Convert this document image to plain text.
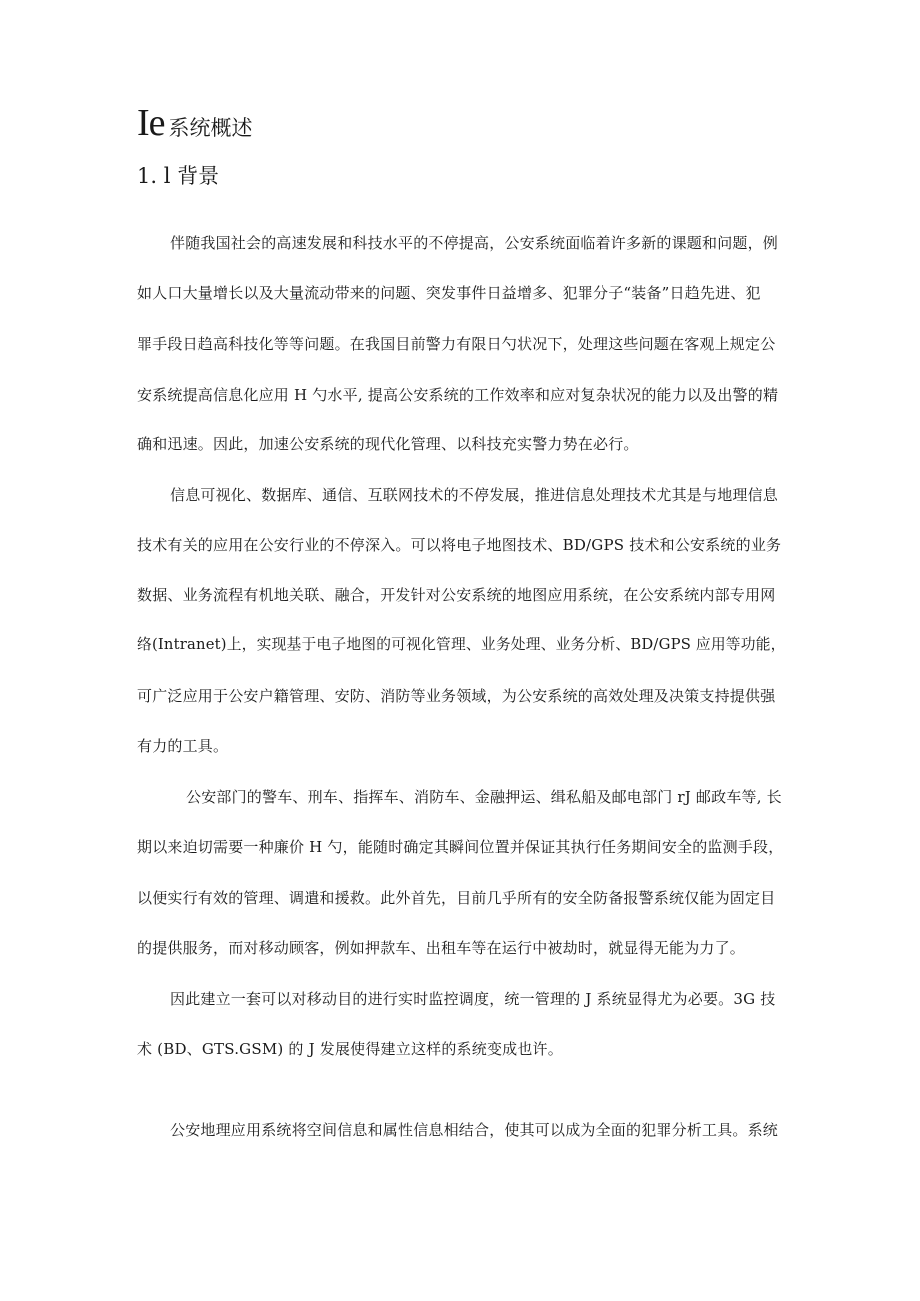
Ie 系统概述
1. l 背景
伴随我国社会的高速发展和科技水平的不停提高，公安系统面临着许多新的课题和问题，例
如人口大量增长以及大量流动带来的问题、突发事件日益增多、犯罪分子“装备”日趋先进、犯
罪手段日趋高科技化等等问题。在我国目前警力有限日勺状况下，处理这些问题在客观上规定公
安系统提高信息化应用 H 勺水平, 提高公安系统的工作效率和应对复杂状况的能力以及出警的精
确和迅速。因此，加速公安系统的现代化管理、以科技充实警力势在必行。
信息可视化、数据库、通信、互联网技术的不停发展，推进信息处理技术尤其是与地理信息
技术有关的应用在公安行业的不停深入。可以将电子地图技术、BD/GPS 技术和公安系统的业务
数据、业务流程有机地关联、融合，开发针对公安系统的地图应用系统，在公安系统内部专用网
络(Intranet)上，实现基于电子地图的可视化管理、业务处理、业务分析、BD/GPS 应用等功能，
可广泛应用于公安户籍管理、安防、消防等业务领域，为公安系统的高效处理及决策支持提供强
有力的工具。
公安部门的警车、刑车、指挥车、消防车、金融押运、缉私船及邮电部门 rJ 邮政车等, 长
期以来迫切需要一种廉价 H 勺，能随时确定其瞬间位置并保证其执行任务期间安全的监测手段，
以便实行有效的管理、调遣和援救。此外首先，目前几乎所有的安全防备报警系统仅能为固定目
的提供服务，而对移动顾客，例如押款车、出租车等在运行中被劫时，就显得无能为力了。
因此建立一套可以对移动目的进行实时监控调度，统一管理的 J 系统显得尤为必要。3G 技
术 (BD、GTS.GSM) 的 J 发展使得建立这样的系统变成也许。
公安地理应用系统将空间信息和属性信息相结合，使其可以成为全面的犯罪分析工具。系统
